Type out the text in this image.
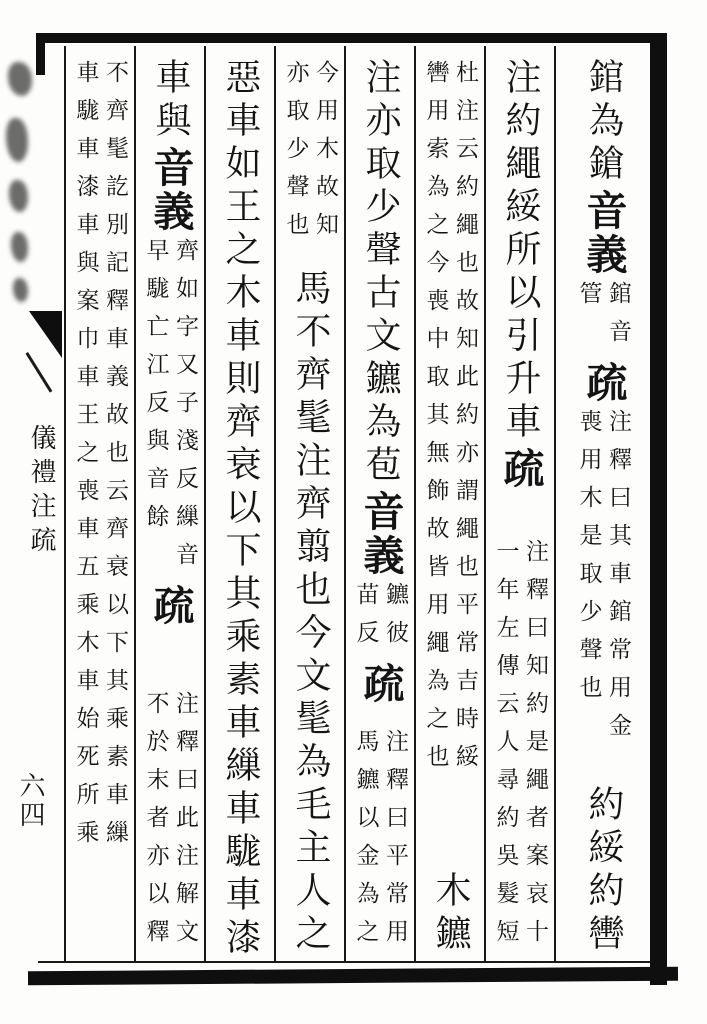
儀禮注疏
六四
錧為鎗
音義
錧音
管
疏
注釋曰其車錧常用金
喪用木是取少聲也
約綏約轡
注約繩綏所以引升車
疏
注釋曰知約是繩者案哀十
一年左傳云人尋約吳髮短
杜注云約繩也故知此約亦謂繩也平常吉時綏
轡用索為之今喪中取其無飾故皆用繩為之也
木鑣
注亦取少聲古文鑣為苞
音義
鑣彼
苗反
疏
注釋曰平常用
馬鑣以金為之
今用木故知
亦取少聲也
馬不齊髦注齊翦也今文髦為毛主人之
惡車如王之木車則齊衰以下其乘素車繅車駹車漆
車與
音義
齊如字又子淺反繅音
早駹亡江反與音餘
疏
注釋曰此注解文
不於末者亦以釋
不齊髦訖別記釋車義故也云齊衰以下其乘素車繅
車駹車漆車與案巾車王之喪車五乘木車始死所乘
